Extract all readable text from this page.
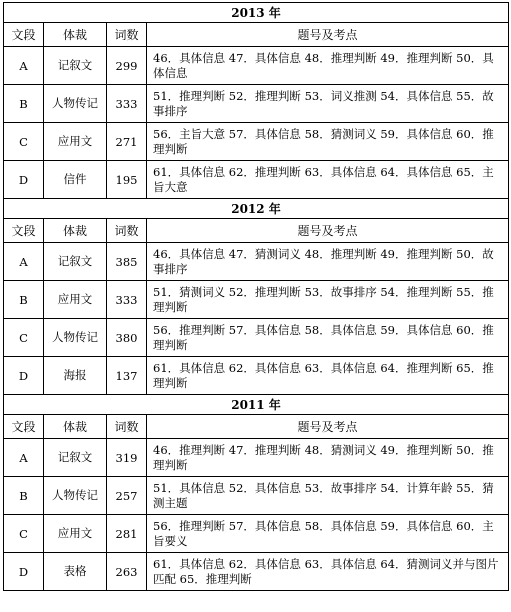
2013 年			
文段	体裁	词数	题号及考点
A	记叙文	299	46．具体信息 47．具体信息 48．推理判断 49．推理判断 50．具体信息
B	人物传记	333	51．推理判断 52．推理判断 53．词义推测 54．具体信息 55．故事排序
C	应用文	271	56．主旨大意 57．具体信息 58．猜测词义 59．具体信息 60．推理判断
D	信件	195	61．具体信息 62．推理判断 63．具体信息 64．具体信息 65．主旨大意
2012 年			
文段	体裁	词数	题号及考点
A	记叙文	385	46．具体信息 47．猜测词义 48．推理判断 49．推理判断 50．故事排序
B	应用文	333	51．猜测词义 52．推理判断 53．故事排序 54．推理判断 55．推理判断
C	人物传记	380	56．推理判断 57．具体信息 58．具体信息 59．具体信息 60．推理判断
D	海报	137	61．具体信息 62．具体信息 63．具体信息 64．推理判断 65．推理判断
2011 年			
文段	体裁	词数	题号及考点
A	记叙文	319	46．推理判断 47．推理判断 48．猜测词义 49．推理判断 50．推理判断
B	人物传记	257	51．具体信息 52．具体信息 53．故事排序 54．计算年龄 55．猜测主题
C	应用文	281	56．推理判断 57．具体信息 58．具体信息 59．具体信息 60．主旨要义
D	表格	263	61．具体信息 62．具体信息 63．具体信息 64．猜测词义并与图片匹配 65．推理判断
